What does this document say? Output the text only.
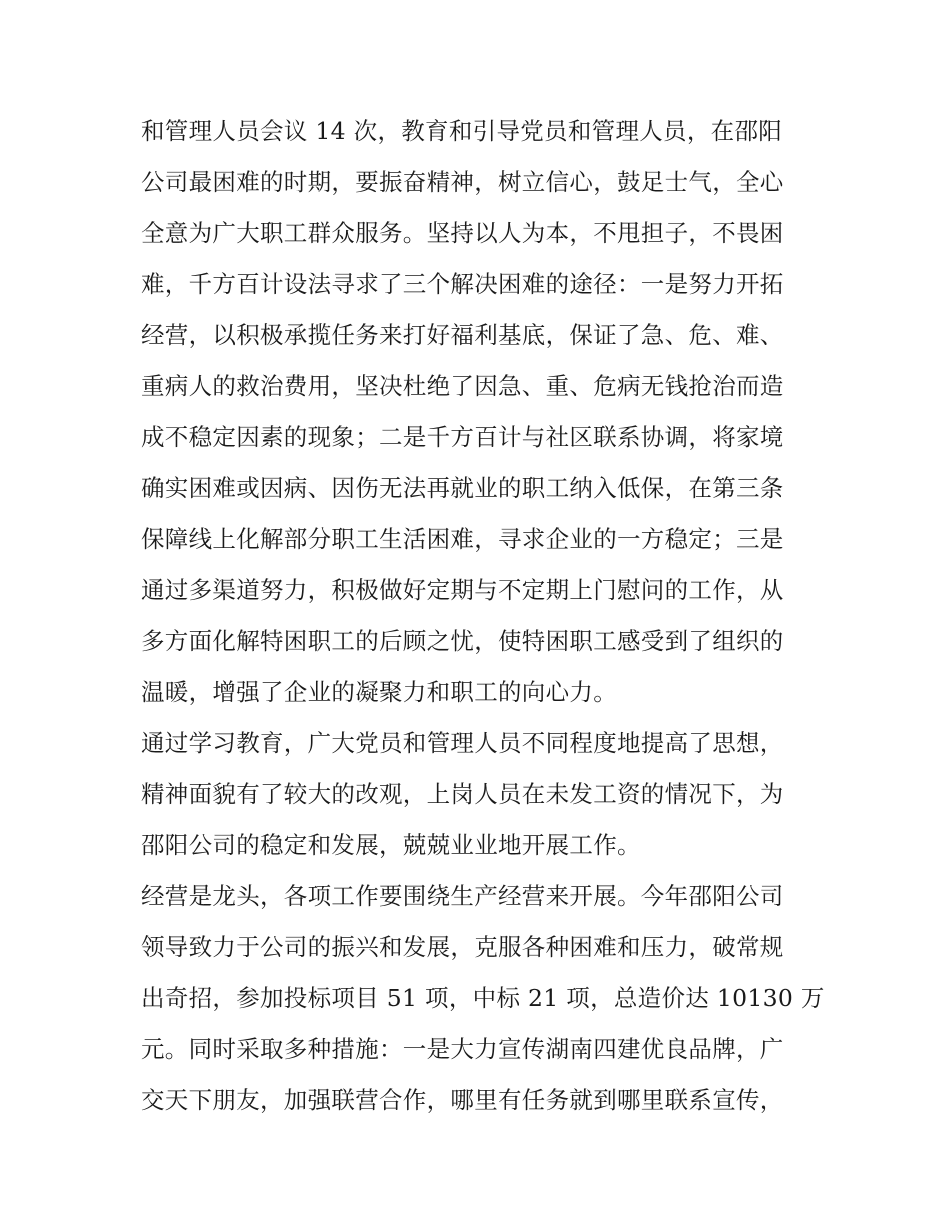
和管理人员会议 14 次，教育和引导党员和管理人员，在邵阳
公司最困难的时期，要振奋精神，树立信心，鼓足士气，全心
全意为广大职工群众服务。坚持以人为本，不甩担子，不畏困
难，千方百计设法寻求了三个解决困难的途径：一是努力开拓
经营，以积极承揽任务来打好福利基底，保证了急、危、难、
重病人的救治费用，坚决杜绝了因急、重、危病无钱抢治而造
成不稳定因素的现象；二是千方百计与社区联系协调，将家境
确实困难或因病、因伤无法再就业的职工纳入低保，在第三条
保障线上化解部分职工生活困难，寻求企业的一方稳定；三是
通过多渠道努力，积极做好定期与不定期上门慰问的工作，从
多方面化解特困职工的后顾之忧，使特困职工感受到了组织的
温暖，增强了企业的凝聚力和职工的向心力。
通过学习教育，广大党员和管理人员不同程度地提高了思想，
精神面貌有了较大的改观，上岗人员在未发工资的情况下，为
邵阳公司的稳定和发展，兢兢业业地开展工作。
经营是龙头，各项工作要围绕生产经营来开展。今年邵阳公司
领导致力于公司的振兴和发展，克服各种困难和压力，破常规
出奇招，参加投标项目 51 项，中标 21 项，总造价达 10130 万
元。同时采取多种措施：一是大力宣传湖南四建优良品牌，广
交天下朋友，加强联营合作，哪里有任务就到哪里联系宣传，
